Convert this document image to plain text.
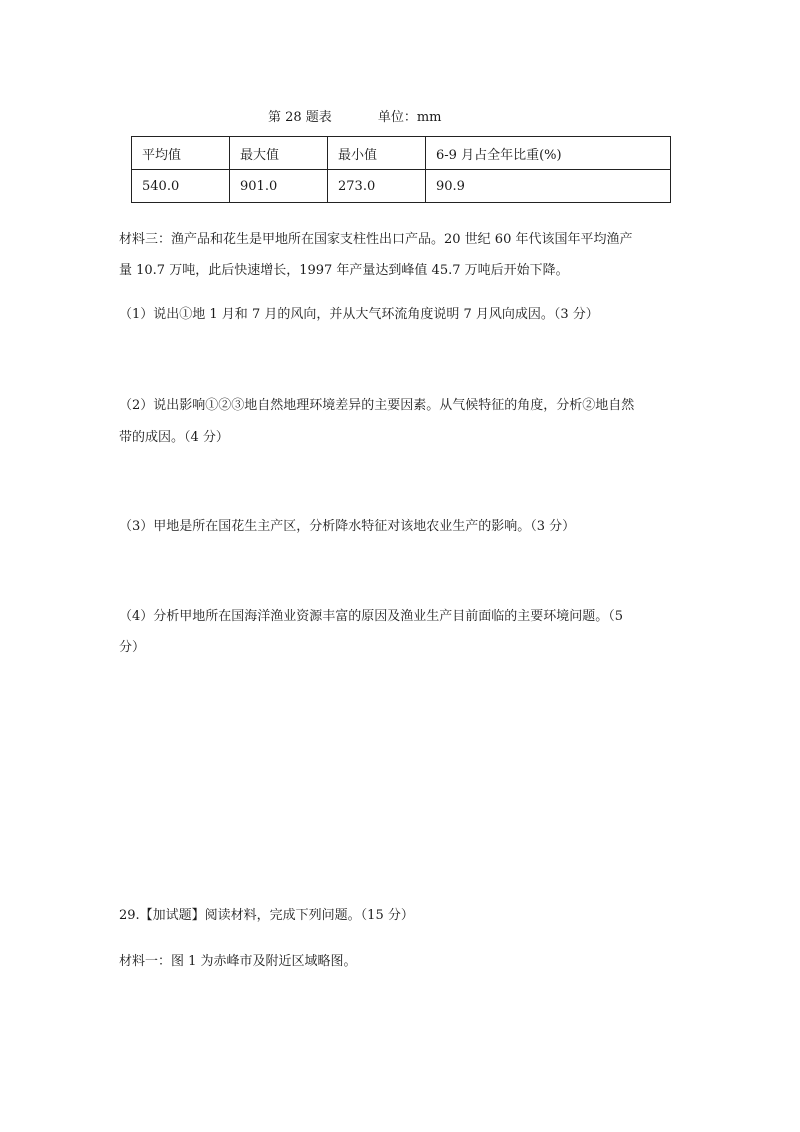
第 28 题表	单位：mm
平均值	最大值	最小值	6-9 月占全年比重(%)
540.0	901.0	273.0	90.9

材料三：渔产品和花生是甲地所在国家支柱性出口产品。20 世纪 60 年代该国年平均渔产

量 10.7 万吨，此后快速增长，1997 年产量达到峰值 45.7 万吨后开始下降。

（1）说出①地 1 月和 7 月的风向，并从大气环流角度说明 7 月风向成因。（3 分）

（2）说出影响①②③地自然地理环境差异的主要因素。从气候特征的角度，分析②地自然

带的成因。（4 分）

（3）甲地是所在国花生主产区，分析降水特征对该地农业生产的影响。（3 分）

（4）分析甲地所在国海洋渔业资源丰富的原因及渔业生产目前面临的主要环境问题。（5

分）

29.【加试题】阅读材料，完成下列问题。（15 分）

材料一：图 1 为赤峰市及附近区域略图。
